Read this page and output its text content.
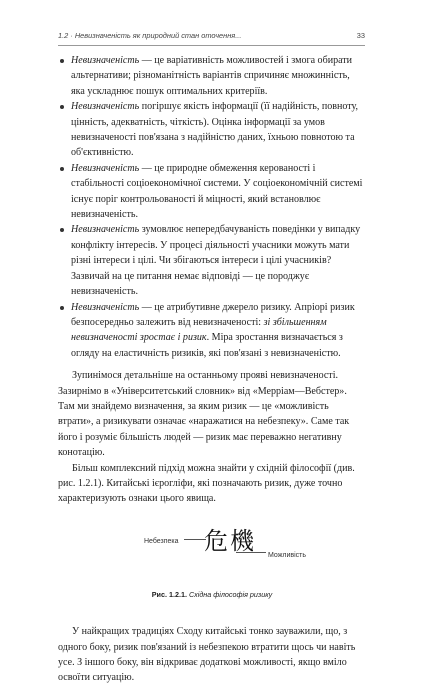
1.2 · Невизначеність як природний стан оточення...	33
Невизначеність — це варіативність можливостей і змога обирати альтернативи; різноманітність варіантів спричиняє множинність, яка ускладнює пошук оптимальних критеріїв.
Невизначеність погіршує якість інформації (її надійність, повноту, цінність, адекватність, чіткість). Оцінка інформації за умов невизначеності пов'язана з надійністю даних, їхньою повнотою та об'єктивністю.
Невизначеність — це природне обмеження керованості і стабільності соціоекономічної системи. У соціоекономічній системі існує поріг контрольованості й міцності, який встановлює невизначеність.
Невизначеність зумовлює непередбачуваність поведінки у випадку конфлікту інтересів. У процесі діяльності учасники можуть мати різні інтереси і цілі. Чи збігаються інтереси і цілі учасників? Зазвичай на це питання немає відповіді — це породжує невизначеність.
Невизначеність — це атрибутивне джерело ризику. Апріорі ризик безпосередньо залежить від невизначеності: зі збільшенням невизначеності зростає і ризик. Міра зростання визначається з огляду на еластичність ризиків, які пов'язані з невизначеністю.

Зупинімося детальніше на останньому прояві невизначеності. Зазирнімо в «Університетський словник» від «Мерріам—Вебстер». Там ми знайдемо визначення, за яким ризик — це «можливість втрати», а ризикувати означає «наражатися на небезпеку». Саме так його і розуміє більшість людей — ризик має переважно негативну конотацію.

Більш комплексний підхід можна знайти у східній філософії (див. рис. 1.2.1). Китайські ієрогліфи, які позначають ризик, дуже точно характеризують ознаки цього явища.

Небезпека 危機
Можливість
Рис. 1.2.1. Східна філософія ризику

У найкращих традиціях Сходу китайські тонко зауважили, що, з одного боку, ризик пов'язаний із небезпекою втратити щось чи навіть усе. З іншого боку, він відкриває додаткові можливості, якщо вміло освоїти ситуацію.
